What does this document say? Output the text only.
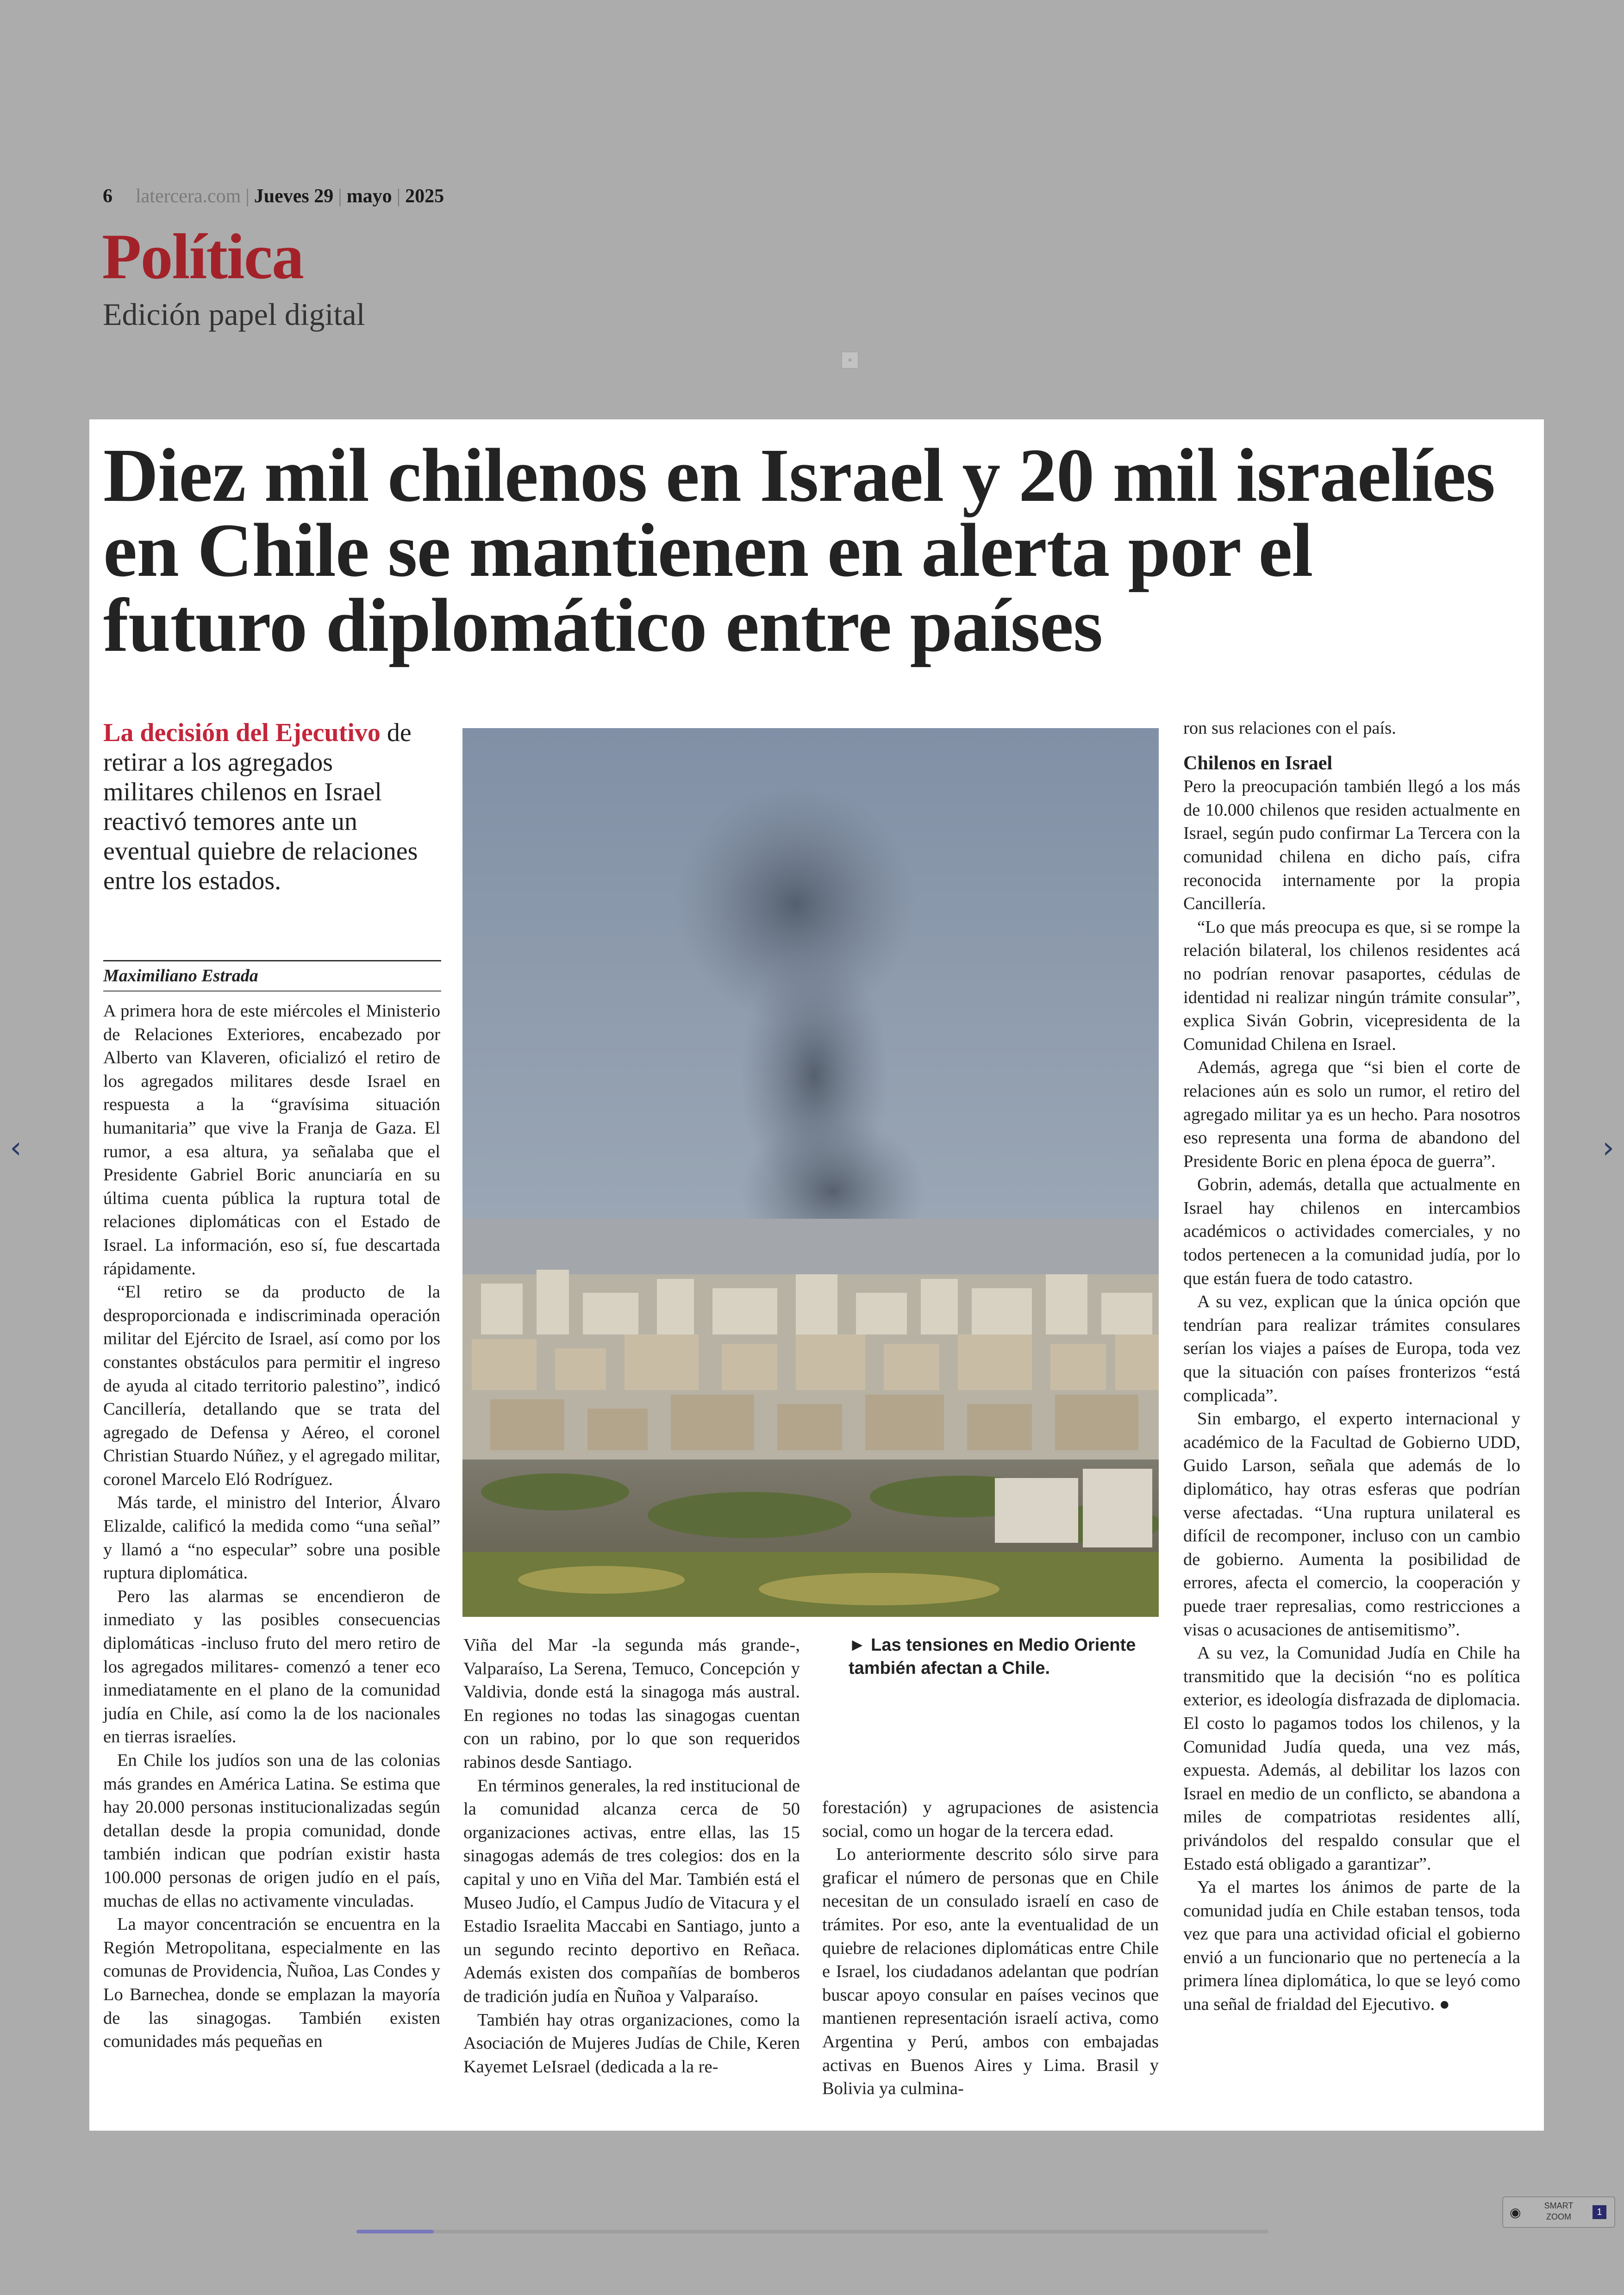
6 latercera.com | Jueves 29 | mayo | 2025
Política
Edición papel digital
▫
Diez mil chilenos en Israel y 20 mil israelíes en Chile se mantienen en alerta por el futuro diplomático entre países
La decisión del Ejecutivo de retirar a los agregados militares chilenos en Israel reactivó temores ante un eventual quiebre de relaciones entre los estados.
Maximiliano Estrada

A primera hora de este miércoles el Ministerio de Relaciones Exteriores, encabezado por Alberto van Klaveren, oficializó el retiro de los agregados militares desde Israel en respuesta a la “gravísima situación humanitaria” que vive la Franja de Gaza. El rumor, a esa altura, ya señalaba que el Presidente Gabriel Boric anunciaría en su última cuenta pública la ruptura total de relaciones diplomáticas con el Estado de Israel. La información, eso sí, fue descartada rápidamente.

“El retiro se da producto de la desproporcionada e indiscriminada operación militar del Ejército de Israel, así como por los constantes obstáculos para permitir el ingreso de ayuda al citado territorio palestino”, indicó Cancillería, detallando que se trata del agregado de Defensa y Aéreo, el coronel Christian Stuardo Núñez, y el agregado militar, coronel Marcelo Eló Rodríguez.

Más tarde, el ministro del Interior, Álvaro Elizalde, calificó la medida como “una señal” y llamó a “no especular” sobre una posible ruptura diplomática.

Pero las alarmas se encendieron de inmediato y las posibles consecuencias diplomáticas -incluso fruto del mero retiro de los agregados militares- comenzó a tener eco inmediatamente en el plano de la comunidad judía en Chile, así como la de los nacionales en tierras israelíes.

En Chile los judíos son una de las colonias más grandes en América Latina. Se estima que hay 20.000 personas institucionalizadas según detallan desde la propia comunidad, donde también indican que podrían existir hasta 100.000 personas de origen judío en el país, muchas de ellas no activamente vinculadas.

La mayor concentración se encuentra en la Región Metropolitana, especialmente en las comunas de Providencia, Ñuñoa, Las Condes y Lo Barnechea, donde se emplazan la mayoría de las sinagogas. También existen comunidades más pequeñas en

► Las tensiones en Medio Oriente también afectan a Chile.

Viña del Mar -la segunda más grande-, Valparaíso, La Serena, Temuco, Concepción y Valdivia, donde está la sinagoga más austral. En regiones no todas las sinagogas cuentan con un rabino, por lo que son requeridos rabinos desde Santiago.

En términos generales, la red institucional de la comunidad alcanza cerca de 50 organizaciones activas, entre ellas, las 15 sinagogas además de tres colegios: dos en la capital y uno en Viña del Mar. También está el Museo Judío, el Campus Judío de Vitacura y el Estadio Israelita Maccabi en Santiago, junto a un segundo recinto deportivo en Reñaca. Además existen dos compañías de bomberos de tradición judía en Ñuñoa y Valparaíso.

También hay otras organizaciones, como la Asociación de Mujeres Judías de Chile, Keren Kayemet LeIsrael (dedicada a la re-

forestación) y agrupaciones de asistencia social, como un hogar de la tercera edad.

Lo anteriormente descrito sólo sirve para graficar el número de personas que en Chile necesitan de un consulado israelí en caso de trámites. Por eso, ante la eventualidad de un quiebre de relaciones diplomáticas entre Chile e Israel, los ciudadanos adelantan que podrían buscar apoyo consular en países vecinos que mantienen representación israelí activa, como Argentina y Perú, ambos con embajadas activas en Buenos Aires y Lima. Brasil y Bolivia ya culmina-

ron sus relaciones con el país.

Chilenos en Israel

Pero la preocupación también llegó a los más de 10.000 chilenos que residen actualmente en Israel, según pudo confirmar La Tercera con la comunidad chilena en dicho país, cifra reconocida internamente por la propia Cancillería.

“Lo que más preocupa es que, si se rompe la relación bilateral, los chilenos residentes acá no podrían renovar pasaportes, cédulas de identidad ni realizar ningún trámite consular”, explica Siván Gobrin, vicepresidenta de la Comunidad Chilena en Israel.

Además, agrega que “si bien el corte de relaciones aún es solo un rumor, el retiro del agregado militar ya es un hecho. Para nosotros eso representa una forma de abandono del Presidente Boric en plena época de guerra”.

Gobrin, además, detalla que actualmente en Israel hay chilenos en intercambios académicos o actividades comerciales, y no todos pertenecen a la comunidad judía, por lo que están fuera de todo catastro.

A su vez, explican que la única opción que tendrían para realizar trámites consulares serían los viajes a países de Europa, toda vez que la situación con países fronterizos “está complicada”.

Sin embargo, el experto internacional y académico de la Facultad de Gobierno UDD, Guido Larson, señala que además de lo diplomático, hay otras esferas que podrían verse afectadas. “Una ruptura unilateral es difícil de recomponer, incluso con un cambio de gobierno. Aumenta la posibilidad de errores, afecta el comercio, la cooperación y puede traer represalias, como restricciones a visas o acusaciones de antisemitismo”.

A su vez, la Comunidad Judía en Chile ha transmitido que la decisión “no es política exterior, es ideología disfrazada de diplomacia. El costo lo pagamos todos los chilenos, y la Comunidad Judía queda, una vez más, expuesta. Además, al debilitar los lazos con Israel en medio de un conflicto, se abandona a miles de compatriotas residentes allí, privándolos del respaldo consular que el Estado está obligado a garantizar”.

Ya el martes los ánimos de parte de la comunidad judía en Chile estaban tensos, toda vez que para una actividad oficial el gobierno envió a un funcionario que no pertenecía a la primera línea diplomática, lo que se leyó como una señal de frialdad del Ejecutivo. ●

‹	›
◉	SMART ZOOM	1
